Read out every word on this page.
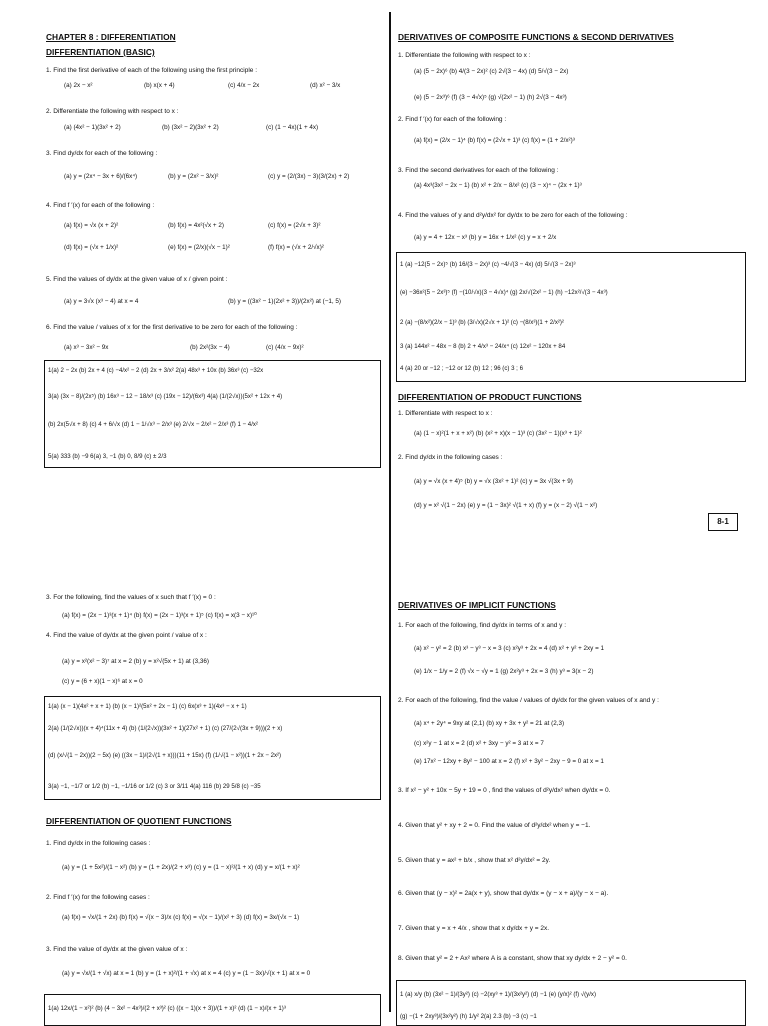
CHAPTER 8 : DIFFERENTIATION
DIFFERENTIATION (BASIC)
1. Find the first derivative of each of the following using the first principle :
(a) 2x − x²	(b) x(x + 4)	(c) 4/x − 2x	(d) x² − 3/x
2. Differentiate the following with respect to x :
(a) (4x² − 1)(3x² + 2)	(b) (3x² − 2)(3x² + 2)	(c) (1 − 4x)(1 + 4x)
3. Find dy/dx for each of the following :
(a) y = (2x⁴ − 3x + 6)/(6x⁴)	(b) y = (2x² − 3/x)²	(c) y = (2/(3x) − 3)(3/(2x) + 2)
4. Find f ′(x) for each of the following :
(a) f(x) = √x (x + 2)²	(b) f(x) = 4x²(√x + 2)	(c) f(x) = (2√x + 3)²
(d) f(x) = (√x + 1/x)²	(e) f(x) = (2/x)(√x − 1)²	(f) f(x) = (√x + 2/√x)²
5. Find the values of dy/dx at the given value of x / given point :
(a) y = 3√x (x³ − 4) at x = 4	(b) y = ((3x² − 1)(2x² + 3))/(2x²) at (−1, 5)
6. Find the value / values of x for the first derivative to be zero for each of the following :
(a) x³ − 3x² − 9x	(b) 2x²(3x − 4)	(c) (4/x − 9x)²
1(a) 2 − 2x (b) 2x + 4 (c) −4/x² − 2 (d) 2x + 3/x² 2(a) 48x³ + 10x (b) 36x³ (c) −32x
3(a) (3x − 8)/(2x⁵) (b) 16x³ − 12 − 18/x³ (c) (19x − 12)/(6x³) 4(a) (1/(2√x))(5x² + 12x + 4)
(b) 2x(5√x + 8) (c) 4 + 6/√x (d) 1 − 1/√x³ − 2/x³ (e) 2/√x − 2/x² − 2/x³ (f) 1 − 4/x²
5(a) 333 (b) −9 6(a) 3, −1 (b) 0, 8/9 (c) ± 2/3
3. For the following, find the values of x such that f ′(x) = 0 :
(a) f(x) = (2x − 1)³(x + 1)⁴ (b) f(x) = (2x − 1)³(x + 1)⁵ (c) f(x) = x(3 − x)¹⁰
4. Find the value of dy/dx at the given point / value of x :
(a) y = x²(x² − 3)⁷ at x = 2 (b) y = x²√(5x + 1) at (3,36)
(c) y = (6 + x)(1 − x)⁶ at x = 0
1(a) (x − 1)(4x² + x + 1) (b) (x − 1)²(5x² + 2x − 1) (c) 6x(x³ + 1)(4x³ − x + 1)
2(a) (1/(2√x))(x + 4)⁴(11x + 4) (b) (1/(2√x))(3x² + 1)(27x² + 1) (c) (27/(2√(3x + 9)))(2 + x)
(d) (x/√(1 − 2x))(2 − 5x) (e) ((3x − 1)/(2√(1 + x)))(11 + 15x) (f) (1/√(1 − x²))(1 + 2x − 2x²)
3(a) −1, −1/7 or 1/2 (b) −1, −1/16 or 1/2 (c) 3 or 3/11 4(a) 116 (b) 29 5/8 (c) −35
DIFFERENTIATION OF QUOTIENT FUNCTIONS
1. Find dy/dx in the following cases :
(a) y = (1 + 5x²)/(1 − x²) (b) y = (1 + 2x)/(2 + x³) (c) y = (1 − x)²/(1 + x) (d) y = x/(1 + x)²
2. Find f ′(x) for the following cases :
(a) f(x) = √x/(1 + 2x) (b) f(x) = √(x − 3)/x (c) f(x) = √(x − 1)/(x² + 3) (d) f(x) = 3x/(√x − 1)
3. Find the value of dy/dx at the given value of x :
(a) y = √x/(1 + √x) at x = 1 (b) y = (1 + x)²/(1 + √x) at x = 4 (c) y = (1 − 3x)/√(x + 1) at x = 0
1(a) 12x/(1 − x²)² (b) (4 − 3x² − 4x³)/(2 + x³)² (c) ((x − 1)(x + 3))/(1 + x)² (d) (1 − x)/(x + 1)³
DERIVATIVES OF COMPOSITE FUNCTIONS & SECOND DERIVATIVES
1. Differentiate the following with respect to x :
(a) (5 − 2x)⁶ (b) 4/(3 − 2x)² (c) 2√(3 − 4x) (d) 5/√(3 − 2x)
(e) (5 − 2x³)⁶ (f) (3 − 4√x)⁵ (g) √(2x² − 1) (h) 2√(3 − 4x³)
2. Find f ′(x) for each of the following :
(a) f(x) = (2/x − 1)⁴ (b) f(x) = (2√x + 1)³ (c) f(x) = (1 + 2/x²)³
3. Find the second derivatives for each of the following :
(a) 4x³(3x² − 2x − 1) (b) x² + 2/x − 8/x² (c) (3 − x)⁴ − (2x + 1)³
4. Find the values of y and d²y/dx² for dy/dx to be zero for each of the following :
(a) y = 4 + 12x − x³ (b) y = 16x + 1/x² (c) y = x + 2/x
1 (a) −12(5 − 2x)⁵ (b) 16/(3 − 2x)³ (c) −4/√(3 − 4x) (d) 5/√(3 − 2x)³
(e) −36x²(5 − 2x³)⁵ (f) −(10/√x)(3 − 4√x)⁴ (g) 2x/√(2x² − 1) (h) −12x²/√(3 − 4x³)
2 (a) −(8/x²)(2/x − 1)³ (b) (3/√x)(2√x + 1)² (c) −(8/x³)(1 + 2/x²)²
3 (a) 144x² − 48x − 8 (b) 2 + 4/x³ − 24/x⁴ (c) 12x² − 120x + 84
4 (a) 20 or −12 ; −12 or 12 (b) 12 ; 96 (c) 3 ; 6
DIFFERENTIATION OF PRODUCT FUNCTIONS
1. Differentiate with respect to x :
(a) (1 − x)²(1 + x + x²) (b) (x² + x)(x − 1)³ (c) (3x² − 1)(x³ + 1)²
2. Find dy/dx in the following cases :
(a) y = √x (x + 4)⁵ (b) y = √x (3x² + 1)² (c) y = 3x √(3x + 9)
(d) y = x² √(1 − 2x) (e) y = (1 − 3x)² √(1 + x) (f) y = (x − 2) √(1 − x²)
8-1
DERIVATIVES OF IMPLICIT FUNCTIONS
1. For each of the following, find dy/dx in terms of x and y :
(a) x² − y² = 2 (b) x³ − y³ − x = 3 (c) x²y³ + 2x = 4 (d) x² + y² + 2xy = 1
(e) 1/x − 1/y = 2 (f) √x − √y = 1 (g) 2x²y³ + 2x = 3 (h) y³ = 3(x − 2)
2. For each of the following, find the value / values of dy/dx for the given values of x and y :
(a) x⁴ + 2y⁴ = 9xy at (2,1) (b) xy + 3x + y² = 21 at (2,3)
(c) x²y − 1 at x = 2 (d) x² + 3xy − y² = 3 at x = 7
(e) 17x² − 12xy + 8y² − 100 at x = 2 (f) x² + 3y² − 2xy − 9 = 0 at x = 1
3. If x² − y² + 10x − 5y + 19 = 0 , find the values of d²y/dx² when dy/dx = 0.
4. Given that y² + xy + 2 = 0. Find the value of d²y/dx² when y = −1.
5. Given that y = ax² + b/x , show that x² d²y/dx² = 2y.
6. Given that (y − x)² = 2a(x + y), show that dy/dx = (y − x + a)/(y − x − a).
7. Given that y = x + 4/x , show that x dy/dx + y = 2x.
8. Given that y² = 2 + Ax² where A is a constant, show that xy dy/dx + 2 − y² = 0.
1 (a) x/y (b) (3x² − 1)/(3y²) (c) −2(xy³ + 1)/(3x²y²) (d) −1 (e) (y/x)² (f) √(y/x)
(g) −(1 + 2xy³)/(3x²y²) (h) 1/y² 2(a) 2.3 (b) −3 (c) −1
